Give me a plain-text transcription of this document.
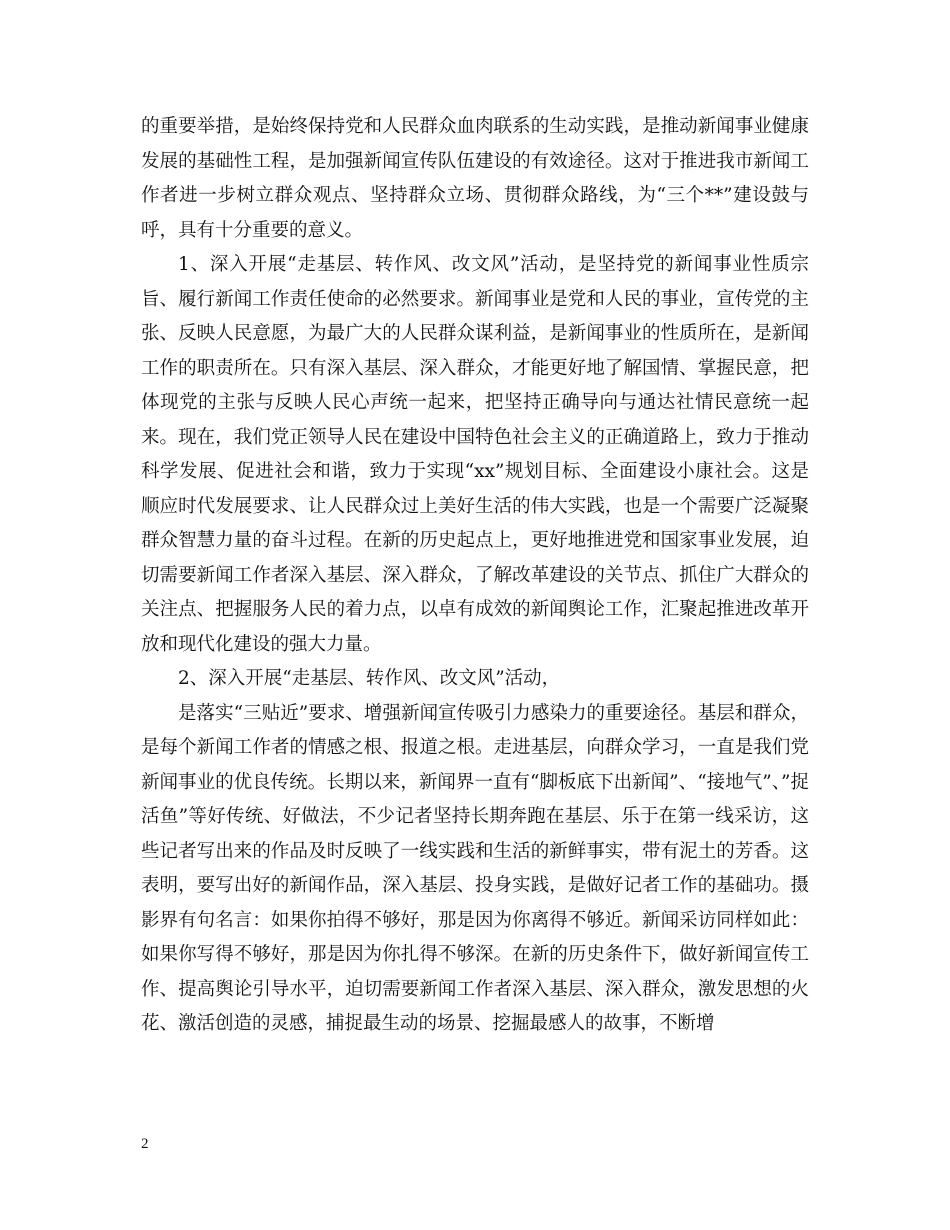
的重要举措，是始终保持党和人民群众血肉联系的生动实践，是推动新闻事业健康发展的基础性工程，是加强新闻宣传队伍建设的有效途径。这对于推进我市新闻工作者进一步树立群众观点、坚持群众立场、贯彻群众路线，为“三个**”建设鼓与呼，具有十分重要的意义。

1、深入开展“走基层、转作风、改文风”活动，是坚持党的新闻事业性质宗旨、履行新闻工作责任使命的必然要求。新闻事业是党和人民的事业，宣传党的主张、反映人民意愿，为最广大的人民群众谋利益，是新闻事业的性质所在，是新闻工作的职责所在。只有深入基层、深入群众，才能更好地了解国情、掌握民意，把体现党的主张与反映人民心声统一起来，把坚持正确导向与通达社情民意统一起来。现在，我们党正领导人民在建设中国特色社会主义的正确道路上，致力于推动科学发展、促进社会和谐，致力于实现“xx”规划目标、全面建设小康社会。这是顺应时代发展要求、让人民群众过上美好生活的伟大实践，也是一个需要广泛凝聚群众智慧力量的奋斗过程。在新的历史起点上，更好地推进党和国家事业发展，迫切需要新闻工作者深入基层、深入群众，了解改革建设的关节点、抓住广大群众的关注点、把握服务人民的着力点，以卓有成效的新闻舆论工作，汇聚起推进改革开放和现代化建设的强大力量。

2、深入开展“走基层、转作风、改文风”活动，

是落实“三贴近”要求、增强新闻宣传吸引力感染力的重要途径。基层和群众，是每个新闻工作者的情感之根、报道之根。走进基层，向群众学习，一直是我们党新闻事业的优良传统。长期以来，新闻界一直有“脚板底下出新闻”、“接地气”、”捉活鱼”等好传统、好做法，不少记者坚持长期奔跑在基层、乐于在第一线采访，这些记者写出来的作品及时反映了一线实践和生活的新鲜事实，带有泥土的芳香。这表明，要写出好的新闻作品，深入基层、投身实践，是做好记者工作的基础功。摄影界有句名言：如果你拍得不够好，那是因为你离得不够近。新闻采访同样如此：如果你写得不够好，那是因为你扎得不够深。在新的历史条件下，做好新闻宣传工作、提高舆论引导水平，迫切需要新闻工作者深入基层、深入群众，激发思想的火花、激活创造的灵感，捕捉最生动的场景、挖掘最感人的故事，不断增

2
